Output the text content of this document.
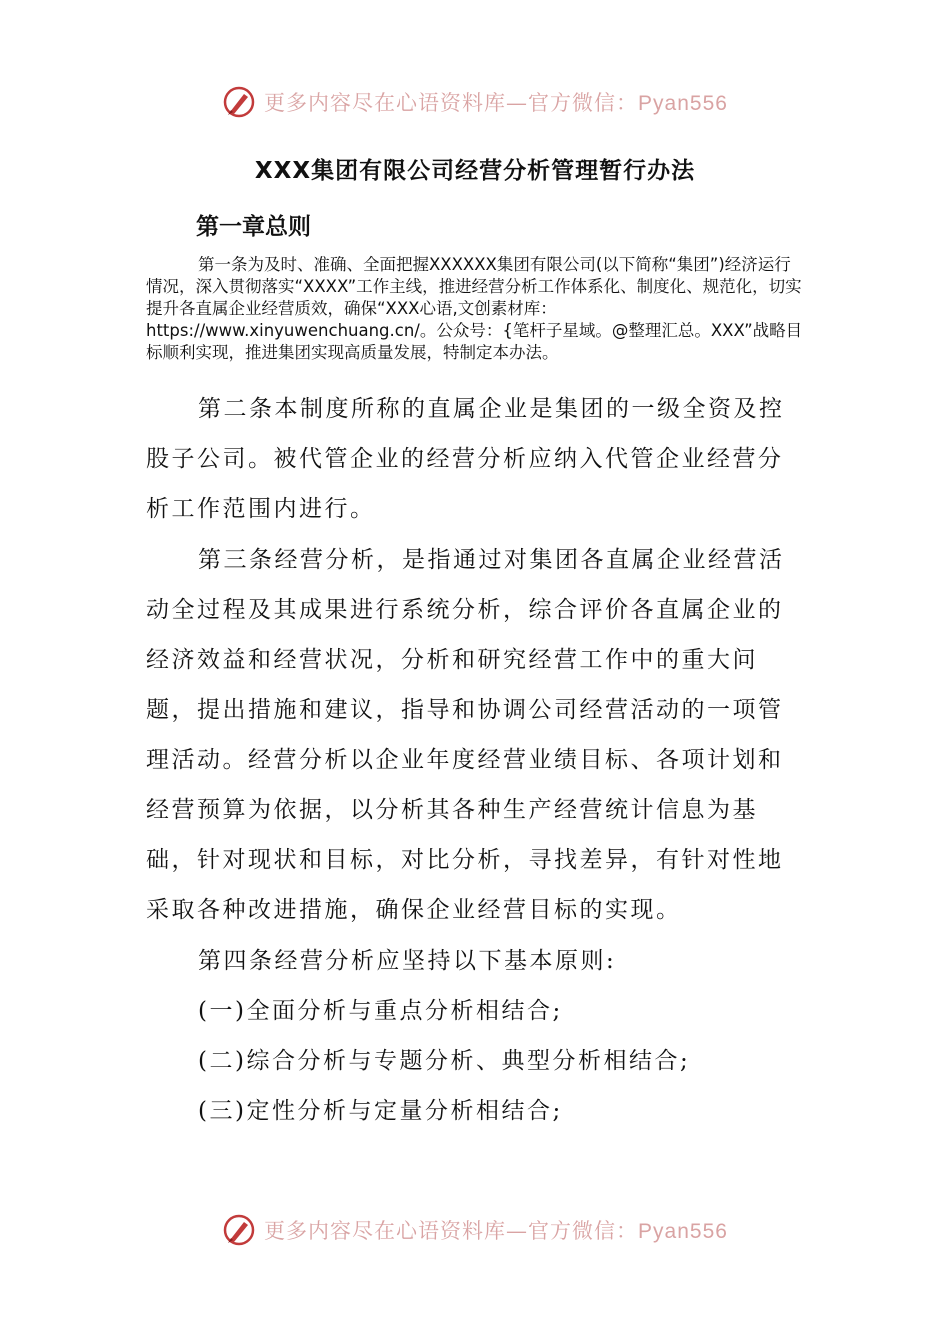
更多内容尽在心语资料库—官方微信：Pyan556
XXX集团有限公司经营分析管理暂行办法
第一章总则

第一条为及时、准确、全面把握XXXXXX集团有限公司(以下简称“集团”)经济运行情况，深入贯彻落实“XXXX”工作主线，推进经营分析工作体系化、制度化、规范化，切实提升各直属企业经营质效，确保“XXX心语,文创素材库：https://www.xinyuwenchuang.cn/。公众号：{笔杆子星域。@整理汇总。XXX”战略目标顺利实现，推进集团实现高质量发展，特制定本办法。

第二条本制度所称的直属企业是集团的一级全资及控股子公司。被代管企业的经营分析应纳入代管企业经营分析工作范围内进行。

第三条经营分析，是指通过对集团各直属企业经营活动全过程及其成果进行系统分析，综合评价各直属企业的经济效益和经营状况，分析和研究经营工作中的重大问题，提出措施和建议，指导和协调公司经营活动的一项管理活动。经营分析以企业年度经营业绩目标、各项计划和经营预算为依据，以分析其各种生产经营统计信息为基础，针对现状和目标，对比分析，寻找差异，有针对性地采取各种改进措施，确保企业经营目标的实现。

第四条经营分析应坚持以下基本原则:

(一)全面分析与重点分析相结合;

(二)综合分析与专题分析、典型分析相结合;

(三)定性分析与定量分析相结合;

更多内容尽在心语资料库—官方微信：Pyan556
